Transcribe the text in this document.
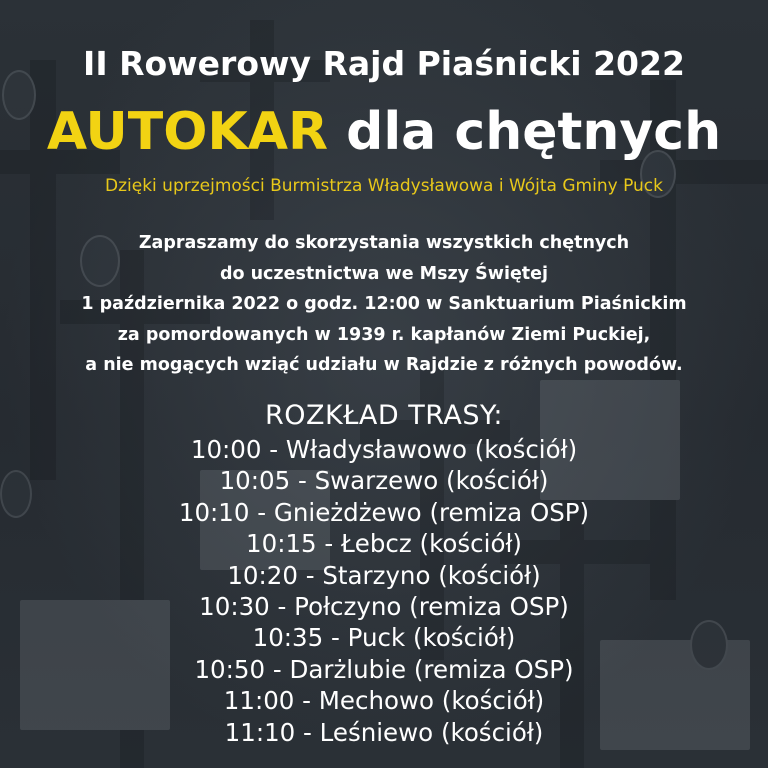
II Rowerowy Rajd Piaśnicki 2022
AUTOKAR dla chętnych
Dzięki uprzejmości Burmistrza Władysławowa i Wójta Gminy Puck
Zapraszamy do skorzystania wszystkich chętnych
do uczestnictwa we Mszy Świętej
1 października 2022 o godz. 12:00 w Sanktuarium Piaśnickim
za pomordowanych w 1939 r. kapłanów Ziemi Puckiej,
a nie mogących wziąć udziału w Rajdzie z różnych powodów.
ROZKŁAD TRASY:
10:00 - Władysławowo (kościół)
10:05 - Swarzewo (kościół)
10:10 - Gnieżdżewo (remiza OSP)
10:15 - Łebcz (kościół)
10:20 - Starzyno (kościół)
10:30 - Połczyno (remiza OSP)
10:35 - Puck (kościół)
10:50 - Darżlubie (remiza OSP)
11:00 - Mechowo (kościół)
11:10 - Leśniewo (kościół)
